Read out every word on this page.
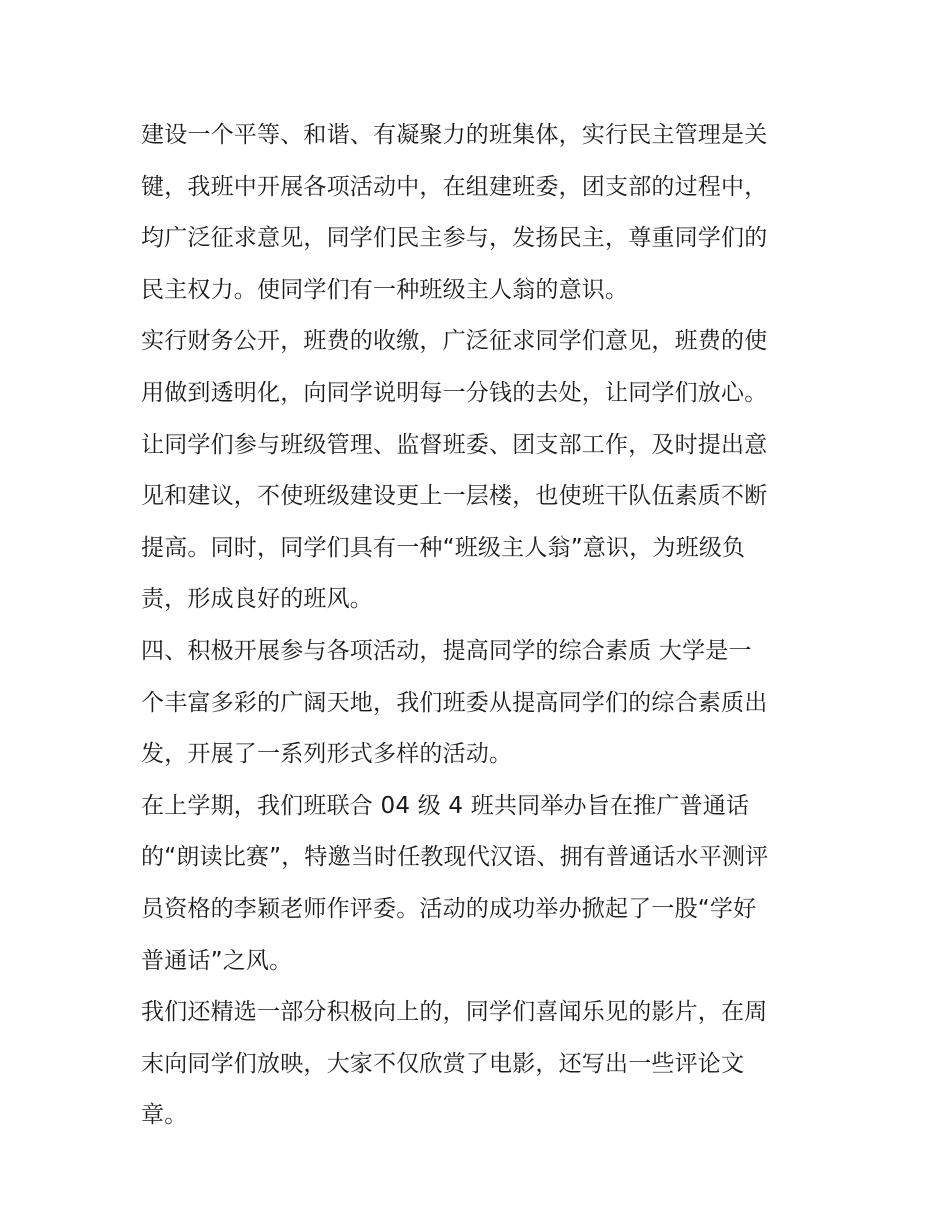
建设一个平等、和谐、有凝聚力的班集体，实行民主管理是关
键，我班中开展各项活动中，在组建班委，团支部的过程中，
均广泛征求意见，同学们民主参与，发扬民主，尊重同学们的
民主权力。使同学们有一种班级主人翁的意识。
实行财务公开，班费的收缴，广泛征求同学们意见，班费的使
用做到透明化，向同学说明每一分钱的去处，让同学们放心。
让同学们参与班级管理、监督班委、团支部工作，及时提出意
见和建议，不使班级建设更上一层楼，也使班干队伍素质不断
提高。同时，同学们具有一种“班级主人翁”意识，为班级负
责，形成良好的班风。
四、积极开展参与各项活动，提高同学的综合素质 大学是一
个丰富多彩的广阔天地，我们班委从提高同学们的综合素质出
发，开展了一系列形式多样的活动。
在上学期，我们班联合 04 级 4 班共同举办旨在推广普通话
的“朗读比赛”，特邀当时任教现代汉语、拥有普通话水平测评
员资格的李颖老师作评委。活动的成功举办掀起了一股“学好
普通话”之风。
我们还精选一部分积极向上的，同学们喜闻乐见的影片，在周
末向同学们放映，大家不仅欣赏了电影，还写出一些评论文
章。
